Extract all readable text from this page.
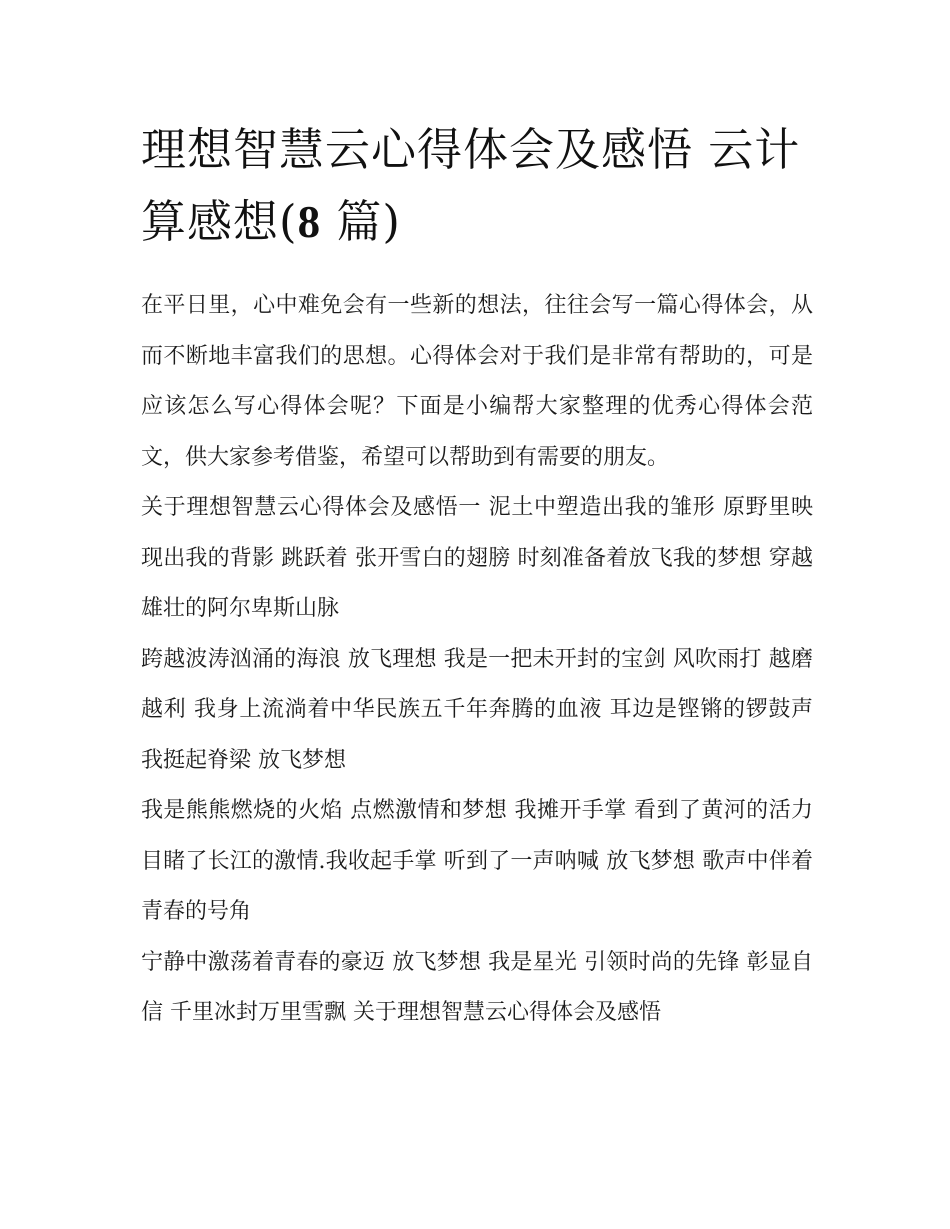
理想智慧云心得体会及感悟 云计算感想(8 篇)

在平日里，心中难免会有一些新的想法，往往会写一篇心得体会，从而不断地丰富我们的思想。心得体会对于我们是非常有帮助的，可是应该怎么写心得体会呢？下面是小编帮大家整理的优秀心得体会范文，供大家参考借鉴，希望可以帮助到有需要的朋友。

关于理想智慧云心得体会及感悟一 泥土中塑造出我的雏形 原野里映现出我的背影 跳跃着 张开雪白的翅膀 时刻准备着放飞我的梦想 穿越雄壮的阿尔卑斯山脉

跨越波涛汹涌的海浪 放飞理想 我是一把未开封的宝剑 风吹雨打 越磨越利 我身上流淌着中华民族五千年奔腾的血液 耳边是铿锵的锣鼓声 我挺起脊梁 放飞梦想

我是熊熊燃烧的火焰 点燃激情和梦想 我摊开手掌 看到了黄河的活力 目睹了长江的激情.我收起手掌 听到了一声呐喊 放飞梦想 歌声中伴着青春的号角

宁静中激荡着青春的豪迈 放飞梦想 我是星光 引领时尚的先锋 彰显自信 千里冰封万里雪飘 关于理想智慧云心得体会及感悟
